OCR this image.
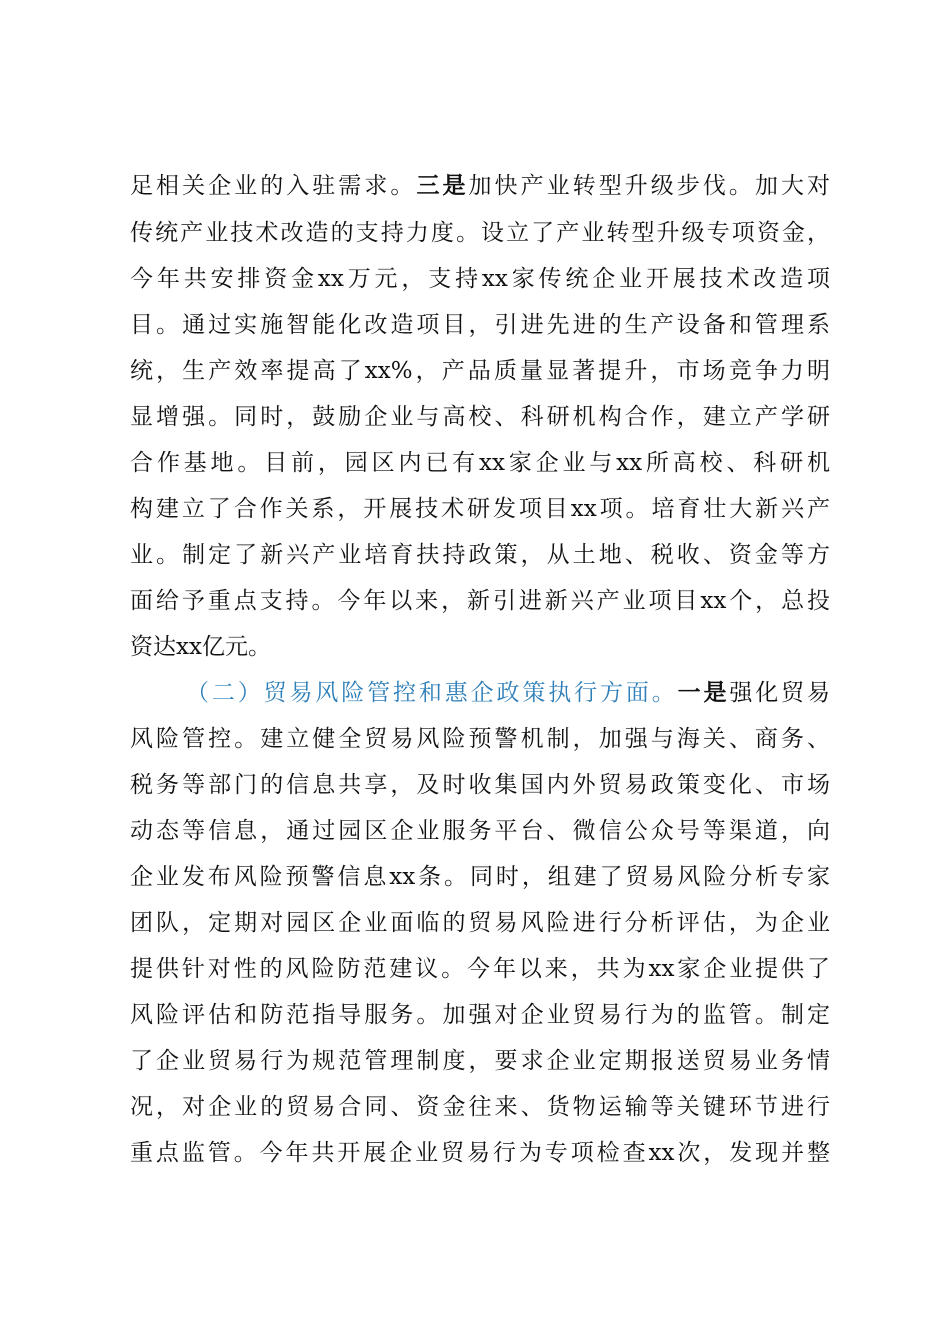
足相关企业的入驻需求。三是加快产业转型升级步伐。加大对
传统产业技术改造的支持力度。设立了产业转型升级专项资金，
今年共安排资金xx万元，支持xx家传统企业开展技术改造项
目。通过实施智能化改造项目，引进先进的生产设备和管理系
统，生产效率提高了xx%，产品质量显著提升，市场竞争力明
显增强。同时，鼓励企业与高校、科研机构合作，建立产学研
合作基地。目前，园区内已有xx家企业与xx所高校、科研机
构建立了合作关系，开展技术研发项目xx项。培育壮大新兴产
业。制定了新兴产业培育扶持政策，从土地、税收、资金等方
面给予重点支持。今年以来，新引进新兴产业项目xx个，总投
资达xx亿元。
（二）贸易风险管控和惠企政策执行方面。一是强化贸易
风险管控。建立健全贸易风险预警机制，加强与海关、商务、
税务等部门的信息共享，及时收集国内外贸易政策变化、市场
动态等信息，通过园区企业服务平台、微信公众号等渠道，向
企业发布风险预警信息xx条。同时，组建了贸易风险分析专家
团队，定期对园区企业面临的贸易风险进行分析评估，为企业
提供针对性的风险防范建议。今年以来，共为xx家企业提供了
风险评估和防范指导服务。加强对企业贸易行为的监管。制定
了企业贸易行为规范管理制度，要求企业定期报送贸易业务情
况，对企业的贸易合同、资金往来、货物运输等关键环节进行
重点监管。今年共开展企业贸易行为专项检查xx次，发现并整
